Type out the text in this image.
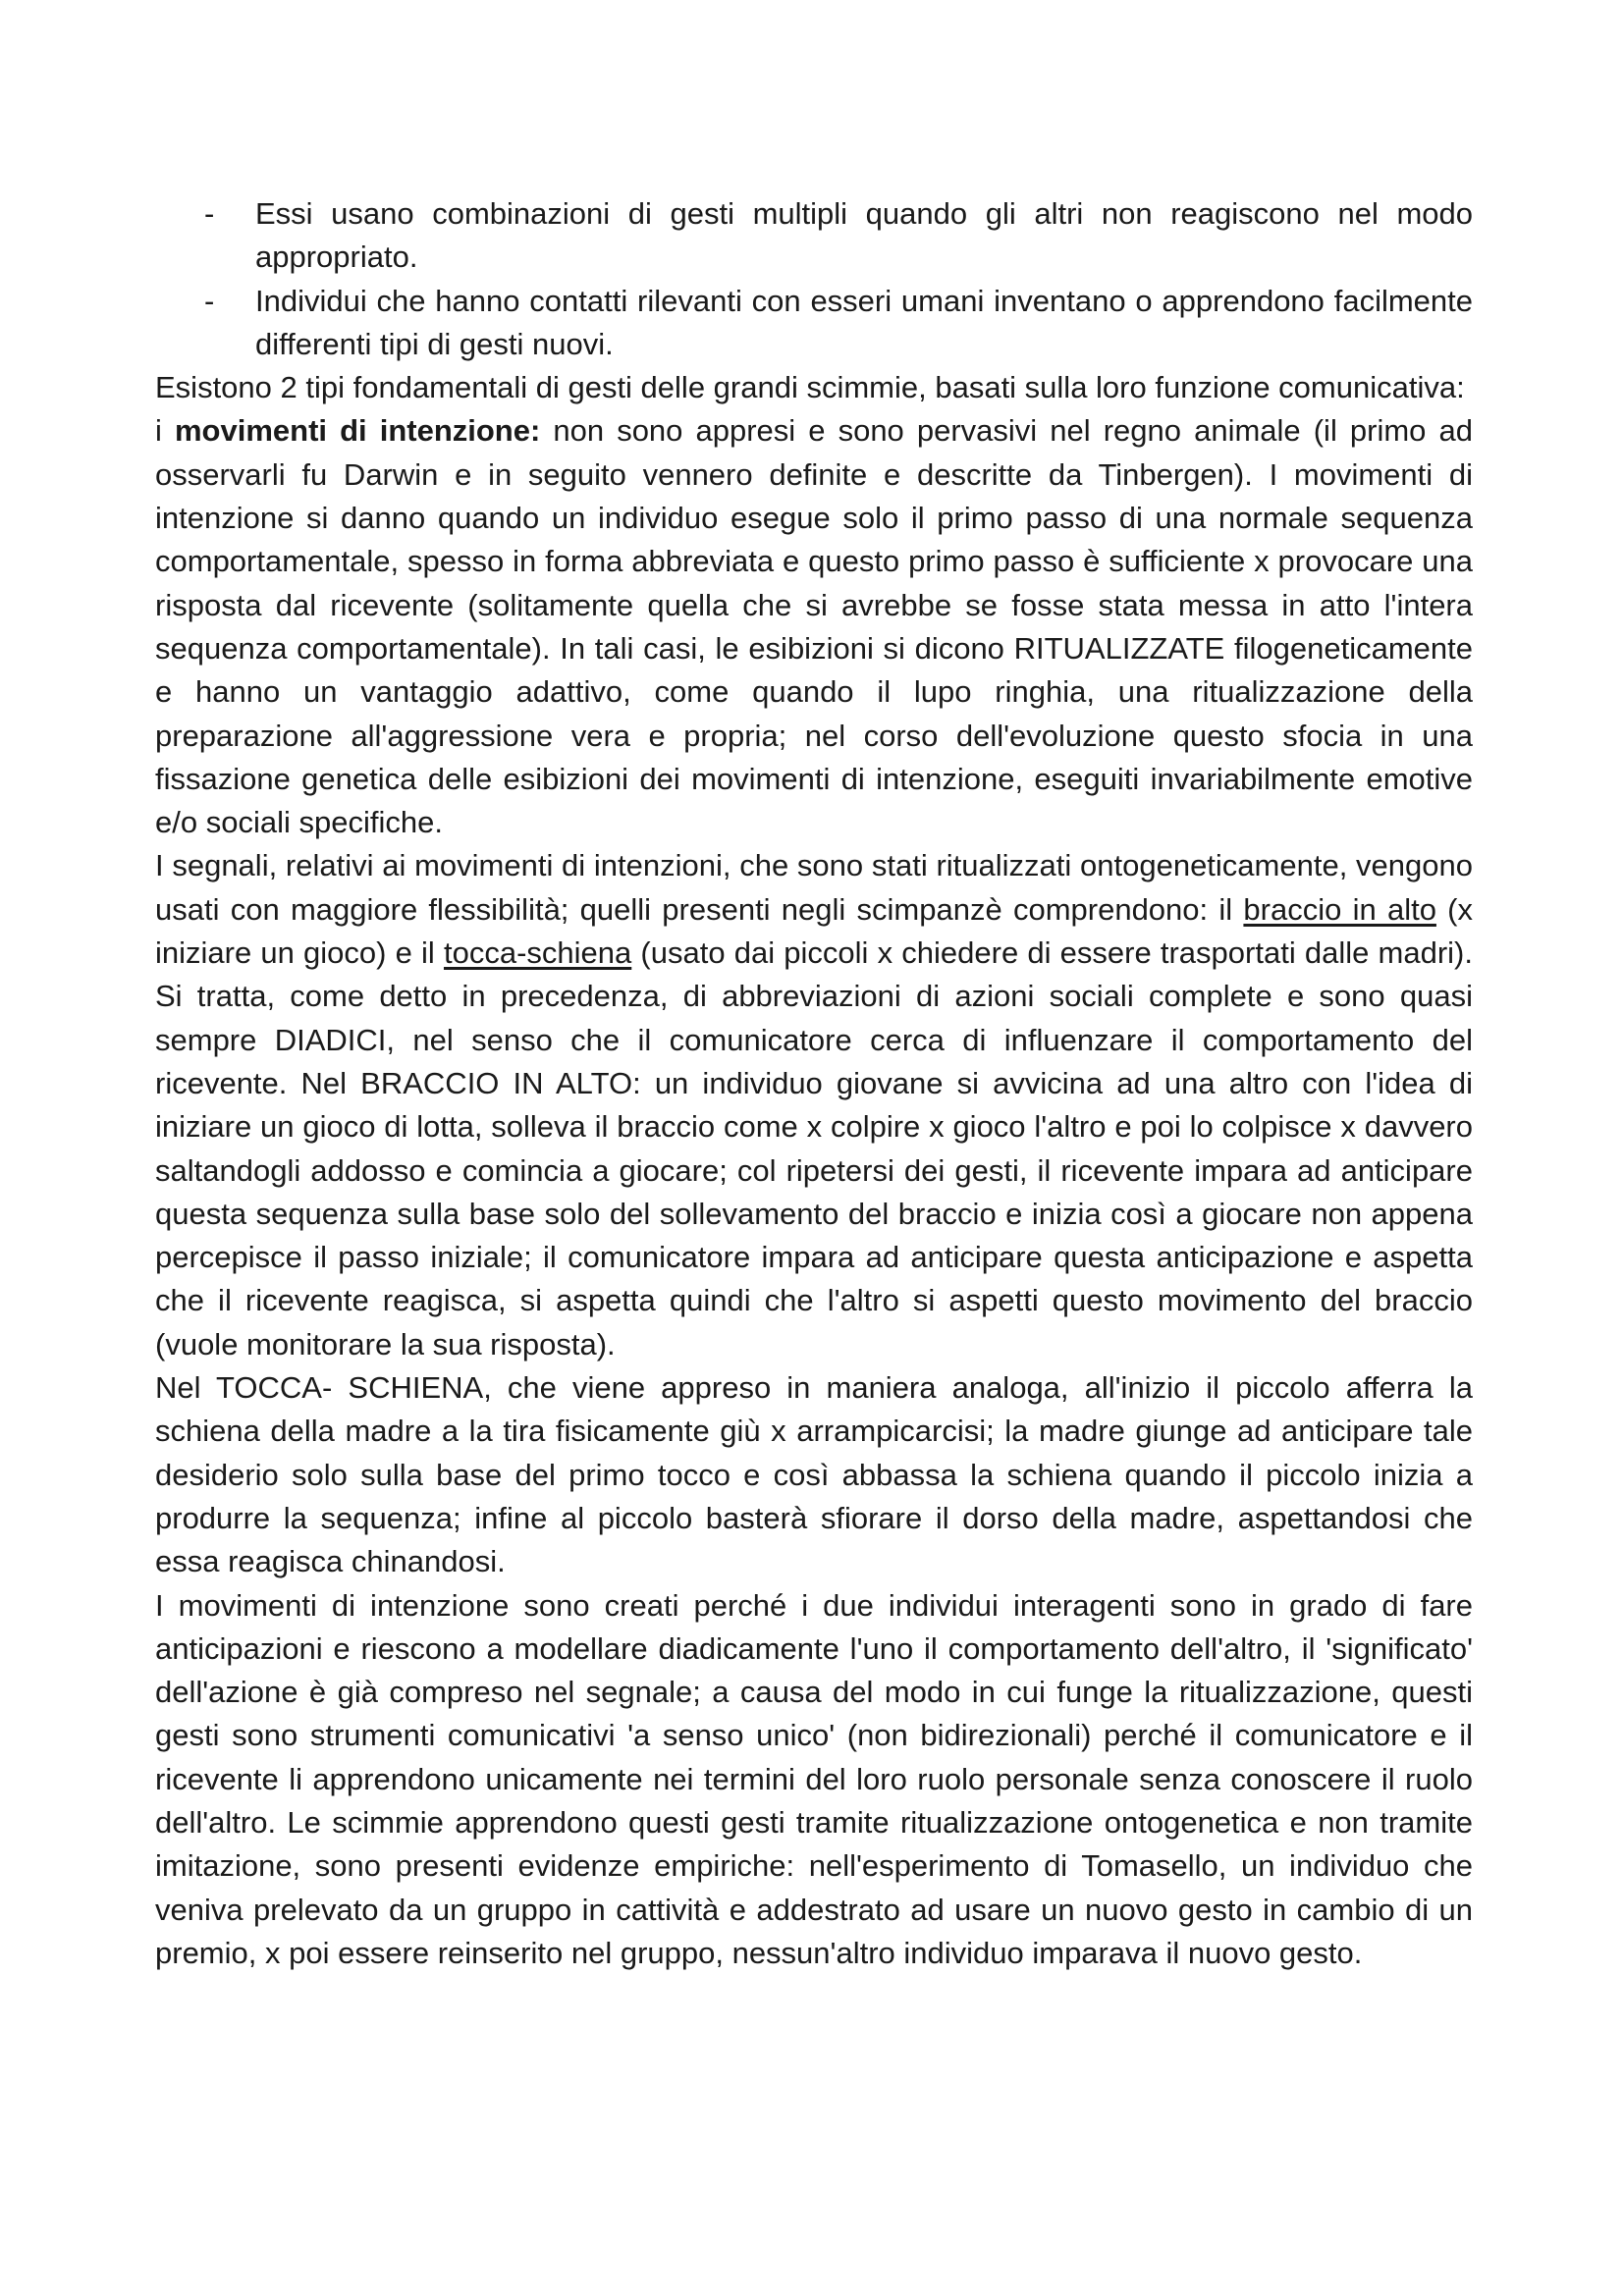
- Essi usano combinazioni di gesti multipli quando gli altri non reagiscono nel modo appropriato.
- Individui che hanno contatti rilevanti con esseri umani inventano o apprendono facilmente differenti tipi di gesti nuovi.

Esistono 2 tipi fondamentali di gesti delle grandi scimmie, basati sulla loro funzione comunicativa:

i movimenti di intenzione: non sono appresi e sono pervasivi nel regno animale (il primo ad osservarli fu Darwin e in seguito vennero definite e descritte da Tinbergen). I movimenti di intenzione si danno quando un individuo esegue solo il primo passo di una normale sequenza comportamentale, spesso in forma abbreviata e questo primo passo è sufficiente x provocare una risposta dal ricevente (solitamente quella che si avrebbe se fosse stata messa in atto l'intera sequenza comportamentale). In tali casi, le esibizioni si dicono RITUALIZZATE filogeneticamente e hanno un vantaggio adattivo, come quando il lupo ringhia, una ritualizzazione della preparazione all'aggressione vera e propria; nel corso dell'evoluzione questo sfocia in una fissazione genetica delle esibizioni dei movimenti di intenzione, eseguiti invariabilmente emotive e/o sociali specifiche.

I segnali, relativi ai movimenti di intenzioni, che sono stati ritualizzati ontogeneticamente, vengono usati con maggiore flessibilità; quelli presenti negli scimpanzè comprendono: il braccio in alto (x iniziare un gioco) e il tocca-schiena (usato dai piccoli x chiedere di essere trasportati dalle madri). Si tratta, come detto in precedenza, di abbreviazioni di azioni sociali complete e sono quasi sempre DIADICI, nel senso che il comunicatore cerca di influenzare il comportamento del ricevente. Nel BRACCIO IN ALTO: un individuo giovane si avvicina ad una altro con l'idea di iniziare un gioco di lotta, solleva il braccio come x colpire x gioco l'altro e poi lo colpisce x davvero saltandogli addosso e comincia a giocare; col ripetersi dei gesti, il ricevente impara ad anticipare questa sequenza sulla base solo del sollevamento del braccio e inizia così a giocare non appena percepisce il passo iniziale; il comunicatore impara ad anticipare questa anticipazione e aspetta che il ricevente reagisca, si aspetta quindi che l'altro si aspetti questo movimento del braccio (vuole monitorare la sua risposta).

Nel TOCCA- SCHIENA, che viene appreso in maniera analoga, all'inizio il piccolo afferra la schiena della madre a la tira fisicamente giù x arrampicarcisi; la madre giunge ad anticipare tale desiderio solo sulla base del primo tocco e così abbassa la schiena quando il piccolo inizia a produrre la sequenza; infine al piccolo basterà sfiorare il dorso della madre, aspettandosi che essa reagisca chinandosi.

I movimenti di intenzione sono creati perché i due individui interagenti sono in grado di fare anticipazioni e riescono a modellare diadicamente l'uno il comportamento dell'altro, il 'significato' dell'azione è già compreso nel segnale; a causa del modo in cui funge la ritualizzazione, questi gesti sono strumenti comunicativi 'a senso unico' (non bidirezionali) perché il comunicatore e il ricevente li apprendono unicamente nei termini del loro ruolo personale senza conoscere il ruolo dell'altro. Le scimmie apprendono questi gesti tramite ritualizzazione ontogenetica e non tramite imitazione, sono presenti evidenze empiriche: nell'esperimento di Tomasello, un individuo che veniva prelevato da un gruppo in cattività e addestrato ad usare un nuovo gesto in cambio di un premio, x poi essere reinserito nel gruppo, nessun'altro individuo imparava il nuovo gesto.
